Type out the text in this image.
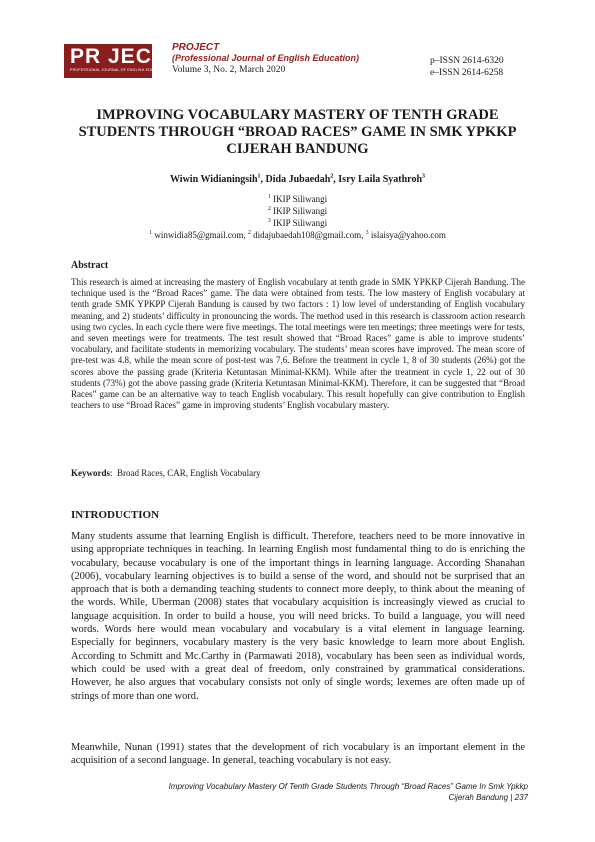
PR JECT
PROFESSIONAL JOURNAL OF ENGLISH EDUCATION
PROJECT
(Professional Journal of English Education)
Volume 3, No. 2, March 2020
p–ISSN 2614-6320
e–ISSN 2614-6258
IMPROVING VOCABULARY MASTERY OF TENTH GRADE STUDENTS THROUGH “BROAD RACES” GAME IN SMK YPKKP CIJERAH BANDUNG
Wiwin Widianingsih$^1$, Dida Jubaedah$^2$, Isry Laila Syathroh$^3$
$^1$ IKIP Siliwangi
$^2$ IKIP Siliwangi
$^3$ IKIP Siliwangi
$^1$ winwidia85@gmail.com, $^2$ didajubaedah108@gmail.com, $^3$ islaisya@yahoo.com
Abstract
This research is aimed at increasing the mastery of English vocabulary at tenth grade in SMK YPKKP Cijerah Bandung. The technique used is the “Broad Races” game. The data were obtained from tests. The low mastery of English vocabulary at tenth grade SMK YPKPP Cijerah Bandung is caused by two factors : 1) low level of understanding of English vocabulary meaning, and 2) students’ difficulty in pronouncing the words. The method used in this research is classroom action research using two cycles. In each cycle there were five meetings. The total meetings were ten meetings; three meetings were for tests, and seven meetings were for treatments. The test result showed that “Broad Races” game is able to improve students’ vocabulary, and facilitate students in memorizing vocabulary. The students’ mean scores have improved. The mean score of pre-test was 4.8, while the mean score of post-test was 7,6. Before the treatment in cycle 1, 8 of 30 students (26%) got the scores above the passing grade (Kriteria Ketuntasan Minimal-KKM). While after the treatment in cycle 1, 22 out of 30 students (73%) got the above passing grade (Kriteria Ketuntasan Minimal-KKM). Therefore, it can be suggested that “Broad Races” game can be an alternative way to teach English vocabulary. This result hopefully can give contribution to English teachers to use “Broad Races” game in improving students’ English vocabulary mastery.
Keywords:  Broad Races, CAR, English Vocabulary
INTRODUCTION
Many students assume that learning English is difficult. Therefore, teachers need to be more innovative in using appropriate techniques in teaching. In learning English most fundamental thing to do is enriching the vocabulary, because vocabulary is one of the important things in learning language. According Shanahan (2006), vocabulary learning objectives is to build a sense of the word, and should not be surprised that an approach that is both a demanding teaching students to connect more deeply, to think about the meaning of the words. While, Uberman (2008) states that vocabulary acquisition is increasingly viewed as crucial to language acquisition. In order to build a house, you will need bricks. To build a language, you will need words. Words here would mean vocabulary and vocabulary is a vital element in language learning. Especially for beginners, vocabulary mastery is the very basic knowledge to learn more about English. According to Schmitt and Mc.Carthy in (Parmawati 2018), vocabulary has been seen as individual words, which could be used with a great deal of freedom, only constrained by grammatical considerations. However, he also argues that vocabulary consists not only of single words; lexemes are often made up of strings of more than one word.
Meanwhile, Nunan (1991) states that the development of rich vocabulary is an important element in the acquisition of a second language. In general, teaching vocabulary is not easy.
Improving Vocabulary Mastery Of Tenth Grade Students Through “Broad Races” Game In Smk Ypkkp
Cijerah Bandung | 237
